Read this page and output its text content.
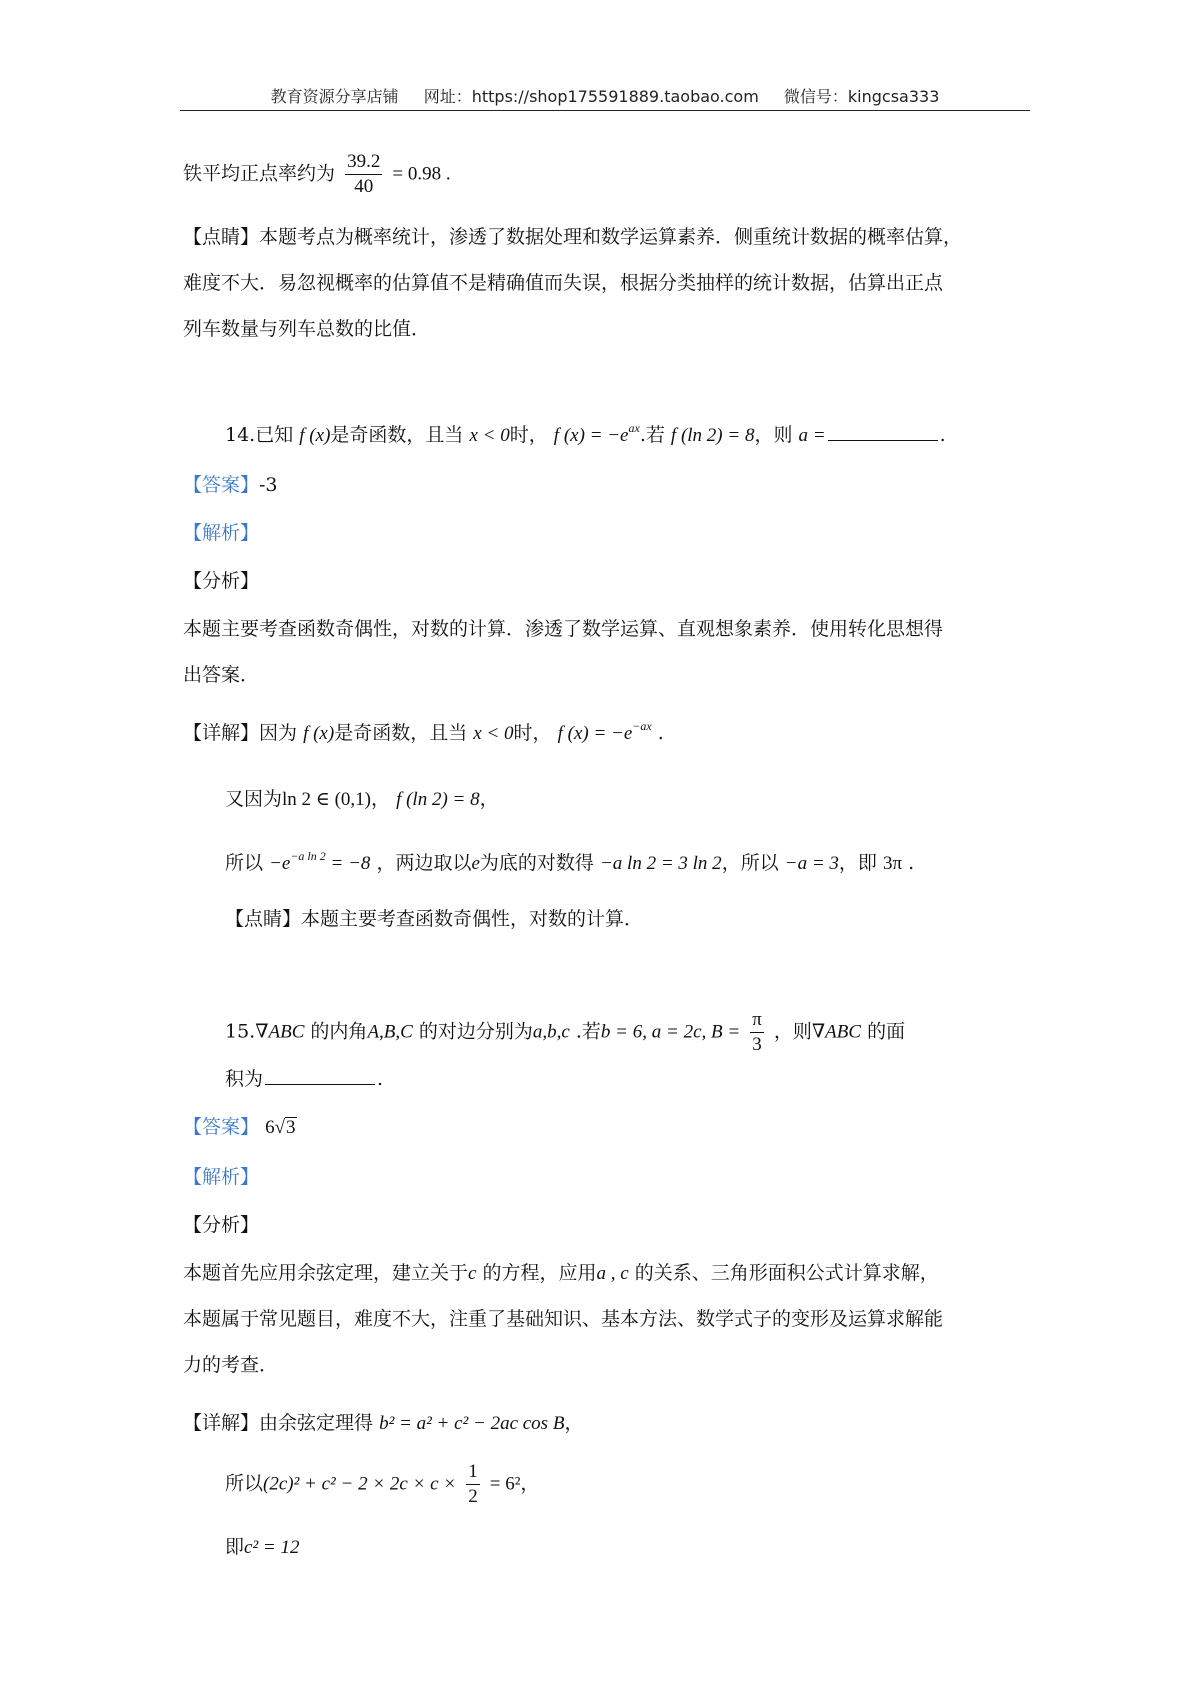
教育资源分享店铺 网址：https://shop175591889.taobao.com 微信号：kingcsa333
铁平均正点率约为 $\frac{39.2}{40} = 0.98$ .
【点睛】本题考点为概率统计，渗透了数据处理和数学运算素养．侧重统计数据的概率估算，
难度不大．易忽视概率的估算值不是精确值而失误，根据分类抽样的统计数据，估算出正点
列车数量与列车总数的比值．
14.已知 f (x)是奇函数，且当 x < 0时， f $(x) = -e^{ax}$.若 f (ln 2) = 8，则 a =	.
【答案】-3
【解析】
【分析】
本题主要考查函数奇偶性，对数的计算．渗透了数学运算、直观想象素养．使用转化思想得
出答案．
【详解】因为 f (x)是奇函数，且当 x < 0时， f $(x) = -e^{-ax}$ .
又因为ln 2 ∈ (0,1)， f (ln 2) = 8，
所以 $-e^{-a ln 2} = -8$ ，两边取以e为底的对数得 −a ln 2 = 3 ln 2，所以 −a = 3，即 3π .
【点睛】本题主要考查函数奇偶性，对数的计算．
15.∇ABC 的内角A,B,C 的对边分别为a,b,c .若b = 6, a = 2c, $B = \frac{\pi}{3}$ ，则∇ABC 的面
积为	.
【答案】 6√3
【解析】
【分析】
本题首先应用余弦定理，建立关于c 的方程，应用a , c 的关系、三角形面积公式计算求解，
本题属于常见题目，难度不大，注重了基础知识、基本方法、数学式子的变形及运算求解能
力的考查．
【详解】由余弦定理得 b² = a² + c² − 2ac cos B，
所以$(2c)^2 + c^2 - 2 \times 2c \times c \times \frac{1}{2} = 6^2$，
即c² = 12
